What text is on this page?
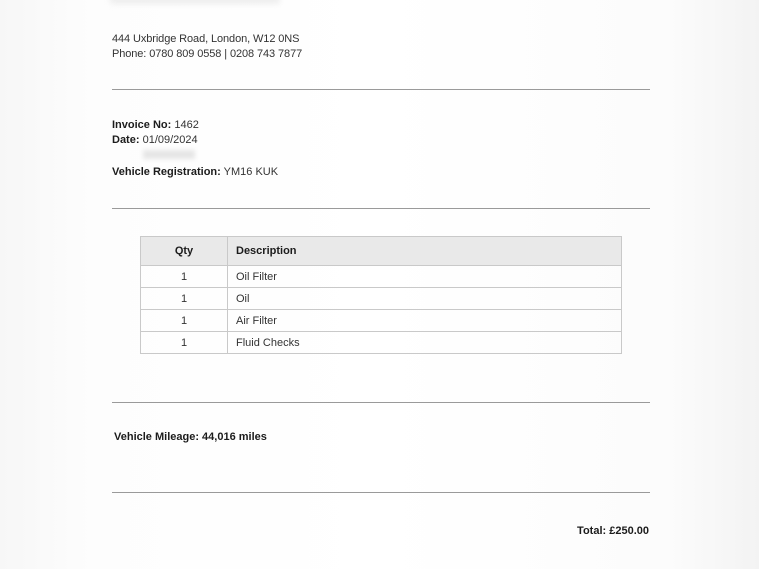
444 Uxbridge Road, London, W12 0NS
Phone: 0780 809 0558 | 0208 743 7877
Invoice No: 1462
Date: 01/09/2024
Vehicle Registration: YM16 KUK
Qty	Description
1	Oil Filter
1	Oil
1	Air Filter
1	Fluid Checks
Vehicle Mileage: 44,016 miles
Total: £250.00
